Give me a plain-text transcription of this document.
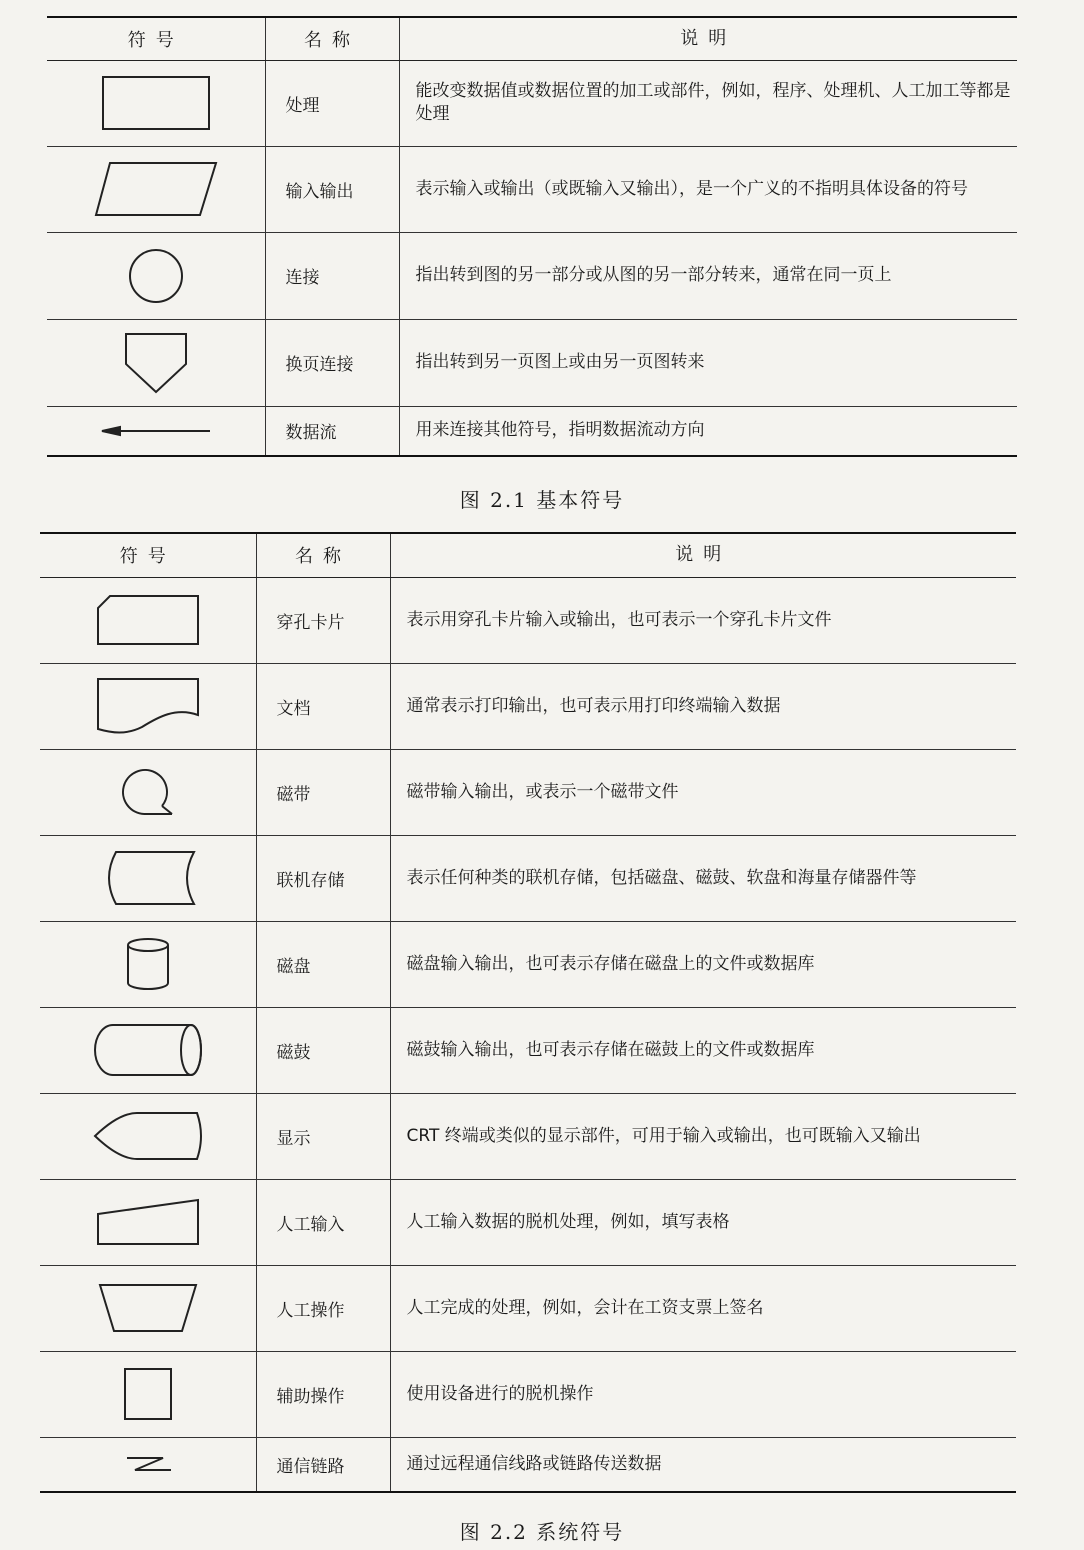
符号	名称	说明

	处理	能改变数据值或数据位置的加工或部件，例如，程序、处理机、人工加工等都是处理

	输入输出	表示输入或输出（或既输入又输出），是一个广义的不指明具体设备的符号

	连接	指出转到图的另一部分或从图的另一部分转来，通常在同一页上

	换页连接	指出转到另一页图上或由另一页图转来

	数据流	用来连接其他符号，指明数据流动方向
图 2.1 基本符号
符号	名称	说明

	穿孔卡片	表示用穿孔卡片输入或输出，也可表示一个穿孔卡片文件

	文档	通常表示打印输出，也可表示用打印终端输入数据

	磁带	磁带输入输出，或表示一个磁带文件

	联机存储	表示任何种类的联机存储，包括磁盘、磁鼓、软盘和海量存储器件等

	磁盘	磁盘输入输出，也可表示存储在磁盘上的文件或数据库

	磁鼓	磁鼓输入输出，也可表示存储在磁鼓上的文件或数据库

	显示	CRT 终端或类似的显示部件，可用于输入或输出，也可既输入又输出

	人工输入	人工输入数据的脱机处理，例如，填写表格

	人工操作	人工完成的处理，例如，会计在工资支票上签名

	辅助操作	使用设备进行的脱机操作

	通信链路	通过远程通信线路或链路传送数据
图 2.2 系统符号
